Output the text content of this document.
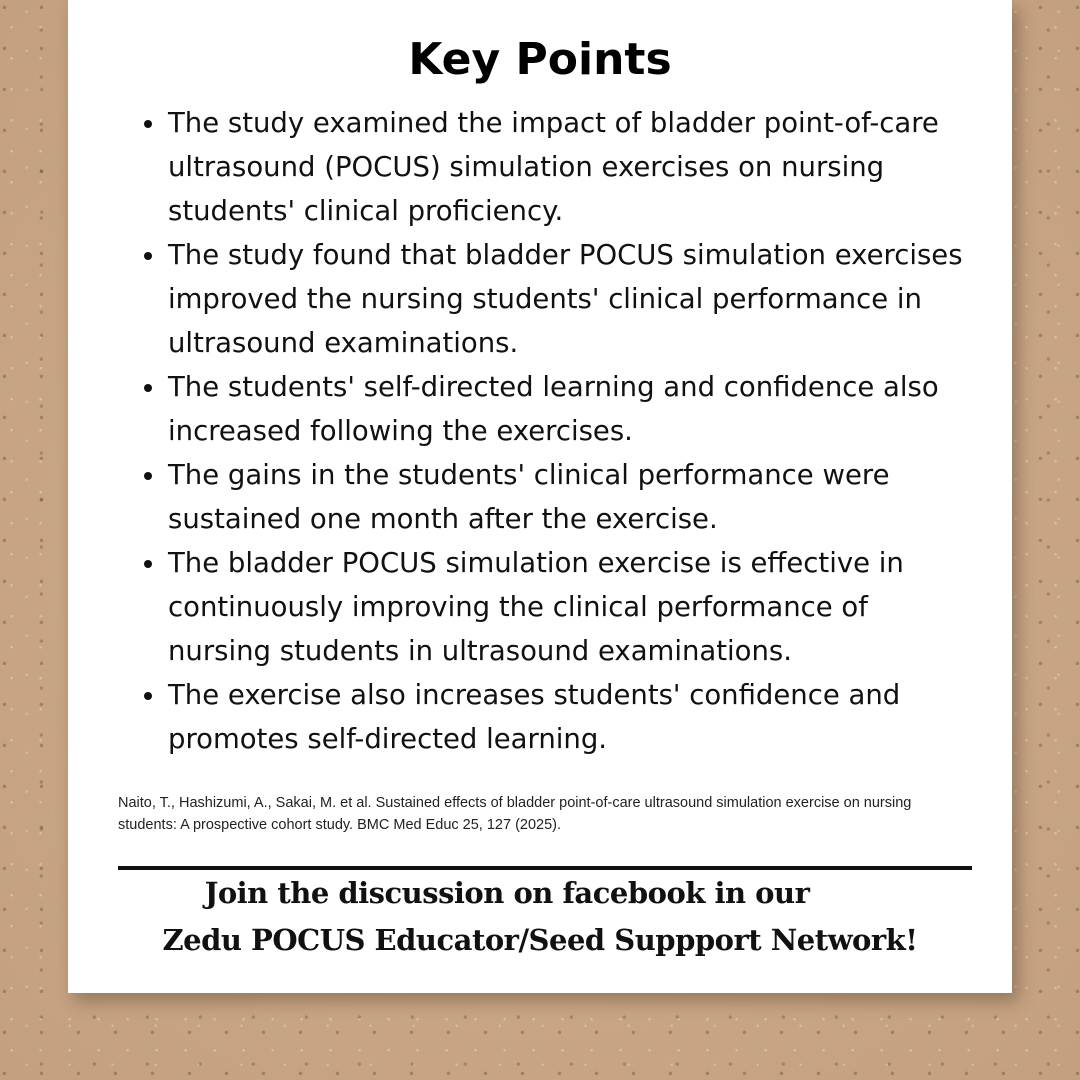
Key Points
The study examined the impact of bladder point-of-care ultrasound (POCUS) simulation exercises on nursing students' clinical proficiency.
The study found that bladder POCUS simulation exercises improved the nursing students' clinical performance in ultrasound examinations.
The students' self-directed learning and confidence also increased following the exercises.
The gains in the students' clinical performance were sustained one month after the exercise.
The bladder POCUS simulation exercise is effective in continuously improving the clinical performance of nursing students in ultrasound examinations.
The exercise also increases students' confidence and promotes self-directed learning.
Naito, T., Hashizumi, A., Sakai, M. et al. Sustained effects of bladder point-of-care ultrasound simulation exercise on nursing students: A prospective cohort study. BMC Med Educ 25, 127 (2025).
Join the discussion on facebook in our
Zedu POCUS Educator/Seed Suppport Network!
